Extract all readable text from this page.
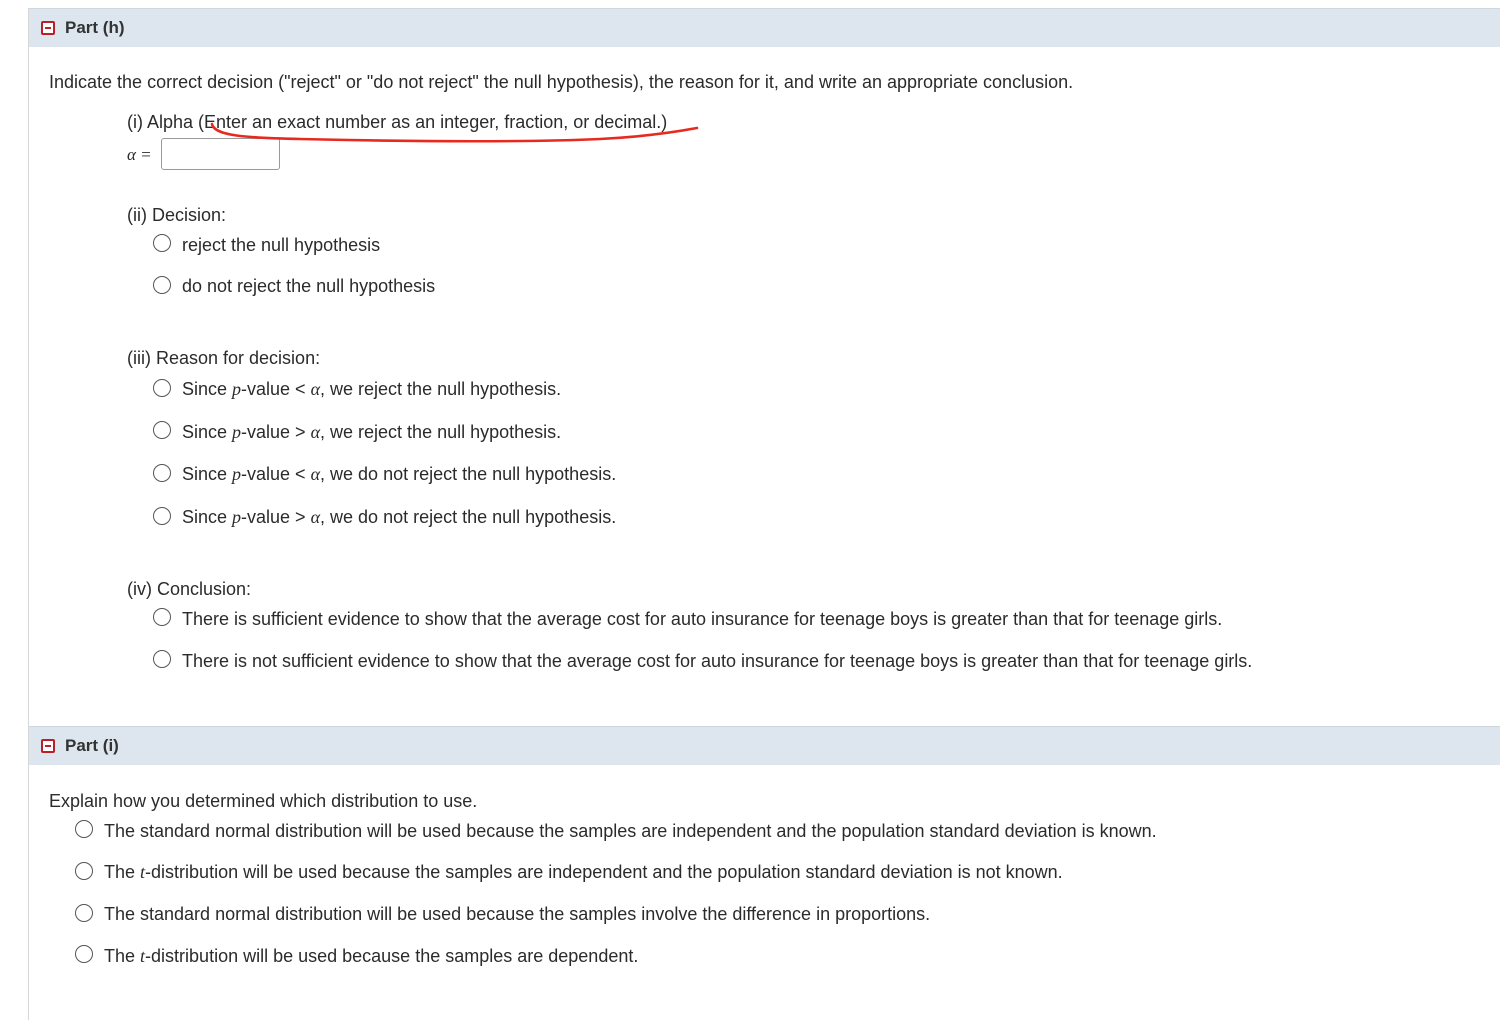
Part (h)
Indicate the correct decision ("reject" or "do not reject" the null hypothesis), the reason for it, and write an appropriate conclusion.
(i) Alpha (Enter an exact number as an integer, fraction, or decimal.)
α =
(ii) Decision:
reject the null hypothesis
do not reject the null hypothesis
(iii) Reason for decision:
Since p-value < α, we reject the null hypothesis.
Since p-value > α, we reject the null hypothesis.
Since p-value < α, we do not reject the null hypothesis.
Since p-value > α, we do not reject the null hypothesis.
(iv) Conclusion:
There is sufficient evidence to show that the average cost for auto insurance for teenage boys is greater than that for teenage girls.
There is not sufficient evidence to show that the average cost for auto insurance for teenage boys is greater than that for teenage girls.
Part (i)
Explain how you determined which distribution to use.
The standard normal distribution will be used because the samples are independent and the population standard deviation is known.
The t-distribution will be used because the samples are independent and the population standard deviation is not known.
The standard normal distribution will be used because the samples involve the difference in proportions.
The t-distribution will be used because the samples are dependent.
